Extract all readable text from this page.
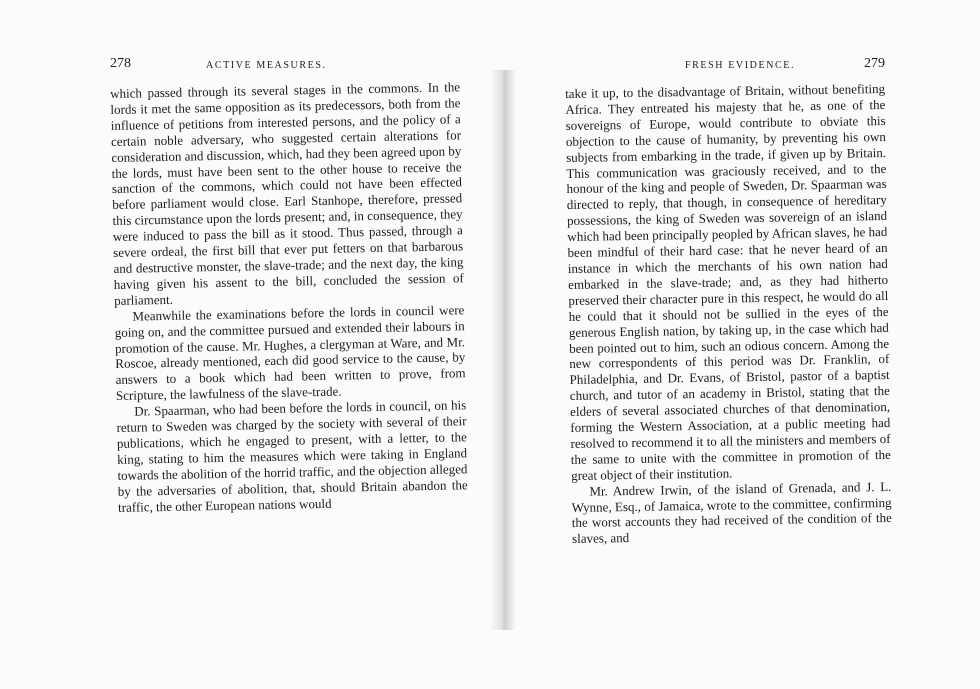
278	ACTIVE MEASURES.

which passed through its several stages in the commons. In the lords it met the same opposition as its predecessors, both from the influence of petitions from interested persons, and the policy of a certain noble adversary, who suggested certain alterations for consideration and discussion, which, had they been agreed upon by the lords, must have been sent to the other house to receive the sanction of the commons, which could not have been effected before parliament would close. Earl Stanhope, therefore, pressed this circumstance upon the lords present; and, in consequence, they were induced to pass the bill as it stood. Thus passed, through a severe ordeal, the first bill that ever put fetters on that barbarous and destructive monster, the slave-trade; and the next day, the king having given his assent to the bill, concluded the session of parliament.

Meanwhile the examinations before the lords in council were going on, and the committee pursued and extended their labours in promotion of the cause. Mr. Hughes, a clergyman at Ware, and Mr. Roscoe, already mentioned, each did good service to the cause, by answers to a book which had been written to prove, from Scripture, the lawfulness of the slave-trade.

Dr. Spaarman, who had been before the lords in council, on his return to Sweden was charged by the society with several of their publications, which he engaged to present, with a letter, to the king, stating to him the measures which were taking in England towards the abolition of the horrid traffic, and the objection alleged by the adversaries of abolition, that, should Britain abandon the traffic, the other European nations would

FRESH EVIDENCE.	279

take it up, to the disadvantage of Britain, without benefiting Africa. They entreated his majesty that he, as one of the sovereigns of Europe, would contribute to obviate this objection to the cause of humanity, by preventing his own subjects from embarking in the trade, if given up by Britain. This communication was graciously received, and to the honour of the king and people of Sweden, Dr. Spaarman was directed to reply, that though, in consequence of hereditary possessions, the king of Sweden was sovereign of an island which had been principally peopled by African slaves, he had been mindful of their hard case: that he never heard of an instance in which the merchants of his own nation had embarked in the slave-trade; and, as they had hitherto preserved their character pure in this respect, he would do all he could that it should not be sullied in the eyes of the generous English nation, by taking up, in the case which had been pointed out to him, such an odious concern. Among the new correspondents of this period was Dr. Franklin, of Philadelphia, and Dr. Evans, of Bristol, pastor of a baptist church, and tutor of an academy in Bristol, stating that the elders of several associated churches of that denomination, forming the Western Association, at a public meeting had resolved to recommend it to all the ministers and members of the same to unite with the committee in promotion of the great object of their institution.

Mr. Andrew Irwin, of the island of Grenada, and J. L. Wynne, Esq., of Jamaica, wrote to the committee, confirming the worst accounts they had received of the condition of the slaves, and
